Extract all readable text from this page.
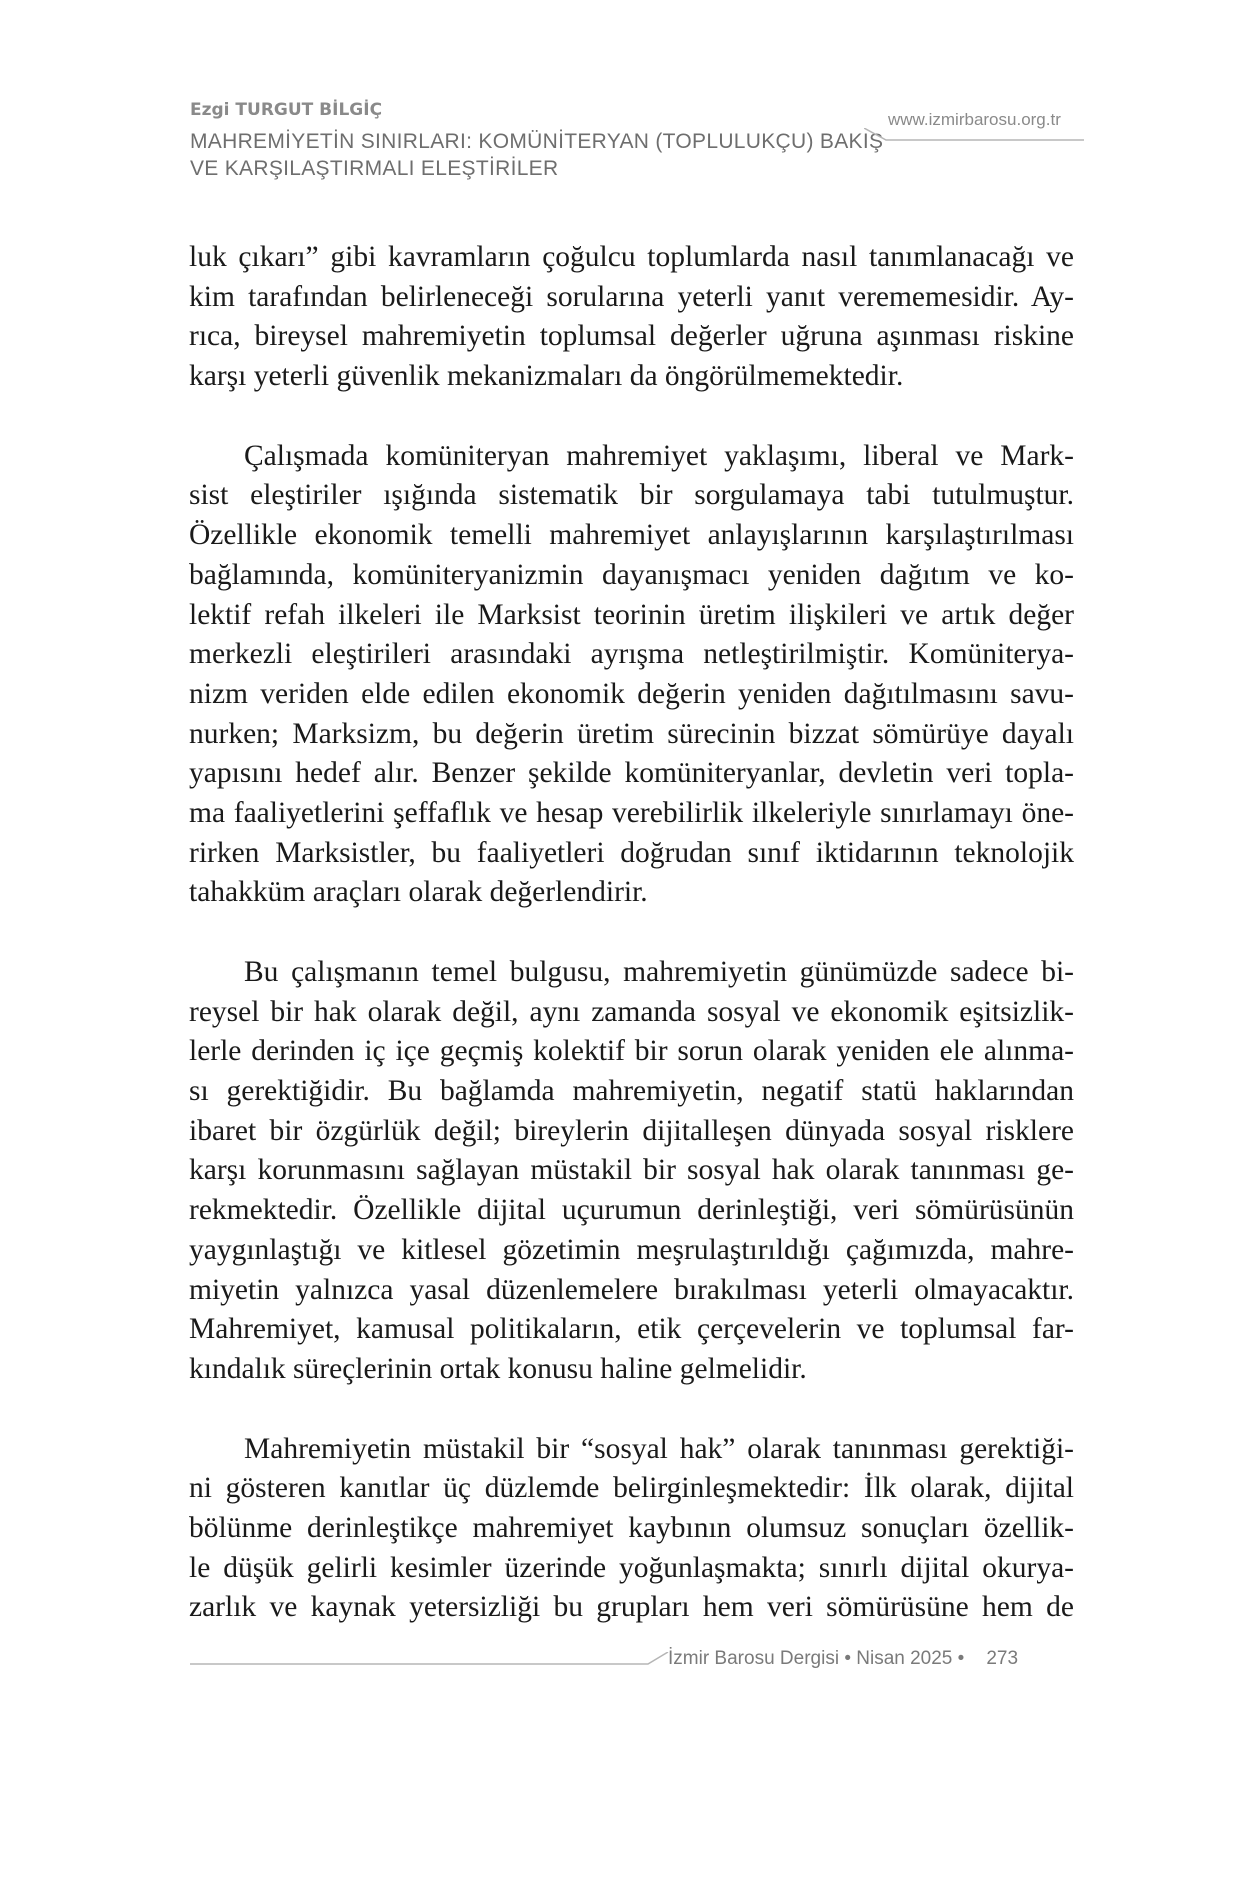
Ezgi TURGUT BİLGİÇ
MAHREMİYETİN SINIRLARI: KOMÜNİTERYAN (TOPLULUKÇU) BAKIŞ
VE KARŞILAŞTIRMALI ELEŞTİRİLER
www.izmirbarosu.org.tr
luk çıkarı” gibi kavramların çoğulcu toplumlarda nasıl tanımlanacağı ve
kim tarafından belirleneceği sorularına yeterli yanıt verememesidir. Ay-
rıca, bireysel mahremiyetin toplumsal değerler uğruna aşınması riskine
karşı yeterli güvenlik mekanizmaları da öngörülmemektedir.
Çalışmada komüniteryan mahremiyet yaklaşımı, liberal ve Mark-
sist eleştiriler ışığında sistematik bir sorgulamaya tabi tutulmuştur.
Özellikle ekonomik temelli mahremiyet anlayışlarının karşılaştırılması
bağlamında, komüniteryanizmin dayanışmacı yeniden dağıtım ve ko-
lektif refah ilkeleri ile Marksist teorinin üretim ilişkileri ve artık değer
merkezli eleştirileri arasındaki ayrışma netleştirilmiştir. Komüniterya-
nizm veriden elde edilen ekonomik değerin yeniden dağıtılmasını savu-
nurken; Marksizm, bu değerin üretim sürecinin bizzat sömürüye dayalı
yapısını hedef alır. Benzer şekilde komüniteryanlar, devletin veri topla-
ma faaliyetlerini şeffaflık ve hesap verebilirlik ilkeleriyle sınırlamayı öne-
rirken Marksistler, bu faaliyetleri doğrudan sınıf iktidarının teknolojik
tahakküm araçları olarak değerlendirir.
Bu çalışmanın temel bulgusu, mahremiyetin günümüzde sadece bi-
reysel bir hak olarak değil, aynı zamanda sosyal ve ekonomik eşitsizlik-
lerle derinden iç içe geçmiş kolektif bir sorun olarak yeniden ele alınma-
sı gerektiğidir. Bu bağlamda mahremiyetin, negatif statü haklarından
ibaret bir özgürlük değil; bireylerin dijitalleşen dünyada sosyal risklere
karşı korunmasını sağlayan müstakil bir sosyal hak olarak tanınması ge-
rekmektedir. Özellikle dijital uçurumun derinleştiği, veri sömürüsünün
yaygınlaştığı ve kitlesel gözetimin meşrulaştırıldığı çağımızda, mahre-
miyetin yalnızca yasal düzenlemelere bırakılması yeterli olmayacaktır.
Mahremiyet, kamusal politikaların, etik çerçevelerin ve toplumsal far-
kındalık süreçlerinin ortak konusu haline gelmelidir.
Mahremiyetin müstakil bir “sosyal hak” olarak tanınması gerektiği-
ni gösteren kanıtlar üç düzlemde belirginleşmektedir: İlk olarak, dijital
bölünme derinleştikçe mahremiyet kaybının olumsuz sonuçları özellik-
le düşük gelirli kesimler üzerinde yoğunlaşmakta; sınırlı dijital okurya-
zarlık ve kaynak yetersizliği bu grupları hem veri sömürüsüne hem de
İzmir Barosu Dergisi • Nisan 2025 • 273
